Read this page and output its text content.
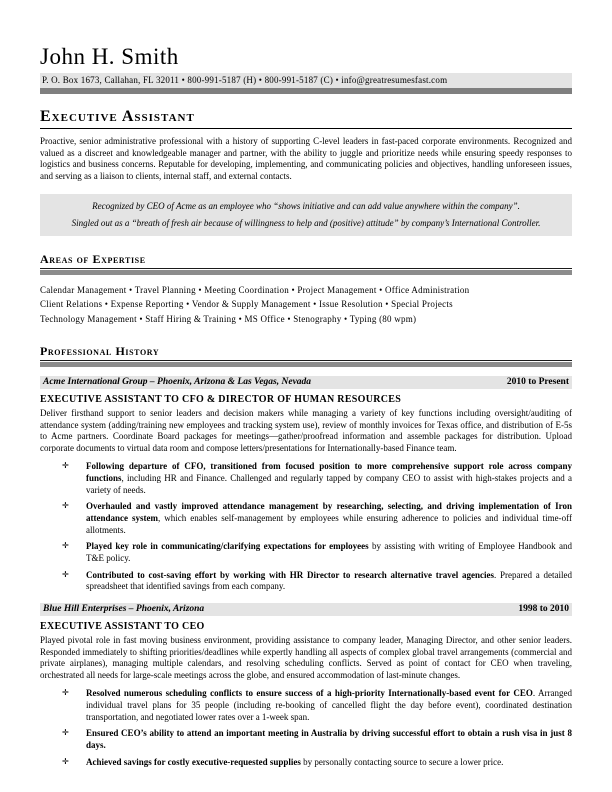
John H. Smith
P. O. Box 1673, Callahan, FL 32011 • 800-991-5187 (H) • 800-991-5187 (C) • info@greatresumesfast.com
Executive Assistant

Proactive, senior administrative professional with a history of supporting C-level leaders in fast-paced corporate environments. Recognized and valued as a discreet and knowledgeable manager and partner, with the ability to juggle and prioritize needs while ensuring speedy responses to logistics and business concerns. Reputable for developing, implementing, and communicating policies and objectives, handling unforeseen issues, and serving as a liaison to clients, internal staff, and external contacts.

Recognized by CEO of Acme as an employee who “shows initiative and can add value anywhere within the company”.

Singled out as a “breath of fresh air because of willingness to help and (positive) attitude” by company’s International Controller.

Areas of Expertise
Calendar Management • Travel Planning • Meeting Coordination • Project Management • Office Administration
Client Relations • Expense Reporting • Vendor & Supply Management • Issue Resolution • Special Projects
Technology Management • Staff Hiring & Training • MS Office • Stenography • Typing (80 wpm)
Professional History
Acme International Group – Phoenix, Arizona & Las Vegas, Nevada	2010 to Present
EXECUTIVE ASSISTANT TO CFO & DIRECTOR OF HUMAN RESOURCES

Deliver firsthand support to senior leaders and decision makers while managing a variety of key functions including oversight/auditing of attendance system (adding/training new employees and tracking system use), review of monthly invoices for Texas office, and distribution of E-5s to Acme partners. Coordinate Board packages for meetings—gather/proofread information and assemble packages for distribution. Upload corporate documents to virtual data room and compose letters/presentations for Internationally-based Finance team.

✛ Following departure of CFO, transitioned from focused position to more comprehensive support role across company functions, including HR and Finance. Challenged and regularly tapped by company CEO to assist with high-stakes projects and a variety of needs.
✛ Overhauled and vastly improved attendance management by researching, selecting, and driving implementation of Iron attendance system, which enables self-management by employees while ensuring adherence to policies and individual time-off allotments.
✛ Played key role in communicating/clarifying expectations for employees by assisting with writing of Employee Handbook and T&E policy.
✛ Contributed to cost-saving effort by working with HR Director to research alternative travel agencies. Prepared a detailed spreadsheet that identified savings from each company.
Blue Hill Enterprises – Phoenix, Arizona	1998 to 2010
EXECUTIVE ASSISTANT TO CEO

Played pivotal role in fast moving business environment, providing assistance to company leader, Managing Director, and other senior leaders. Responded immediately to shifting priorities/deadlines while expertly handling all aspects of complex global travel arrangements (commercial and private airplanes), managing multiple calendars, and resolving scheduling conflicts. Served as point of contact for CEO when traveling, orchestrated all needs for large-scale meetings across the globe, and ensured accommodation of last-minute changes.

✛ Resolved numerous scheduling conflicts to ensure success of a high-priority Internationally-based event for CEO. Arranged individual travel plans for 35 people (including re-booking of cancelled flight the day before event), coordinated destination transportation, and negotiated lower rates over a 1-week span.
✛ Ensured CEO’s ability to attend an important meeting in Australia by driving successful effort to obtain a rush visa in just 8 days.
✛ Achieved savings for costly executive-requested supplies by personally contacting source to secure a lower price.
